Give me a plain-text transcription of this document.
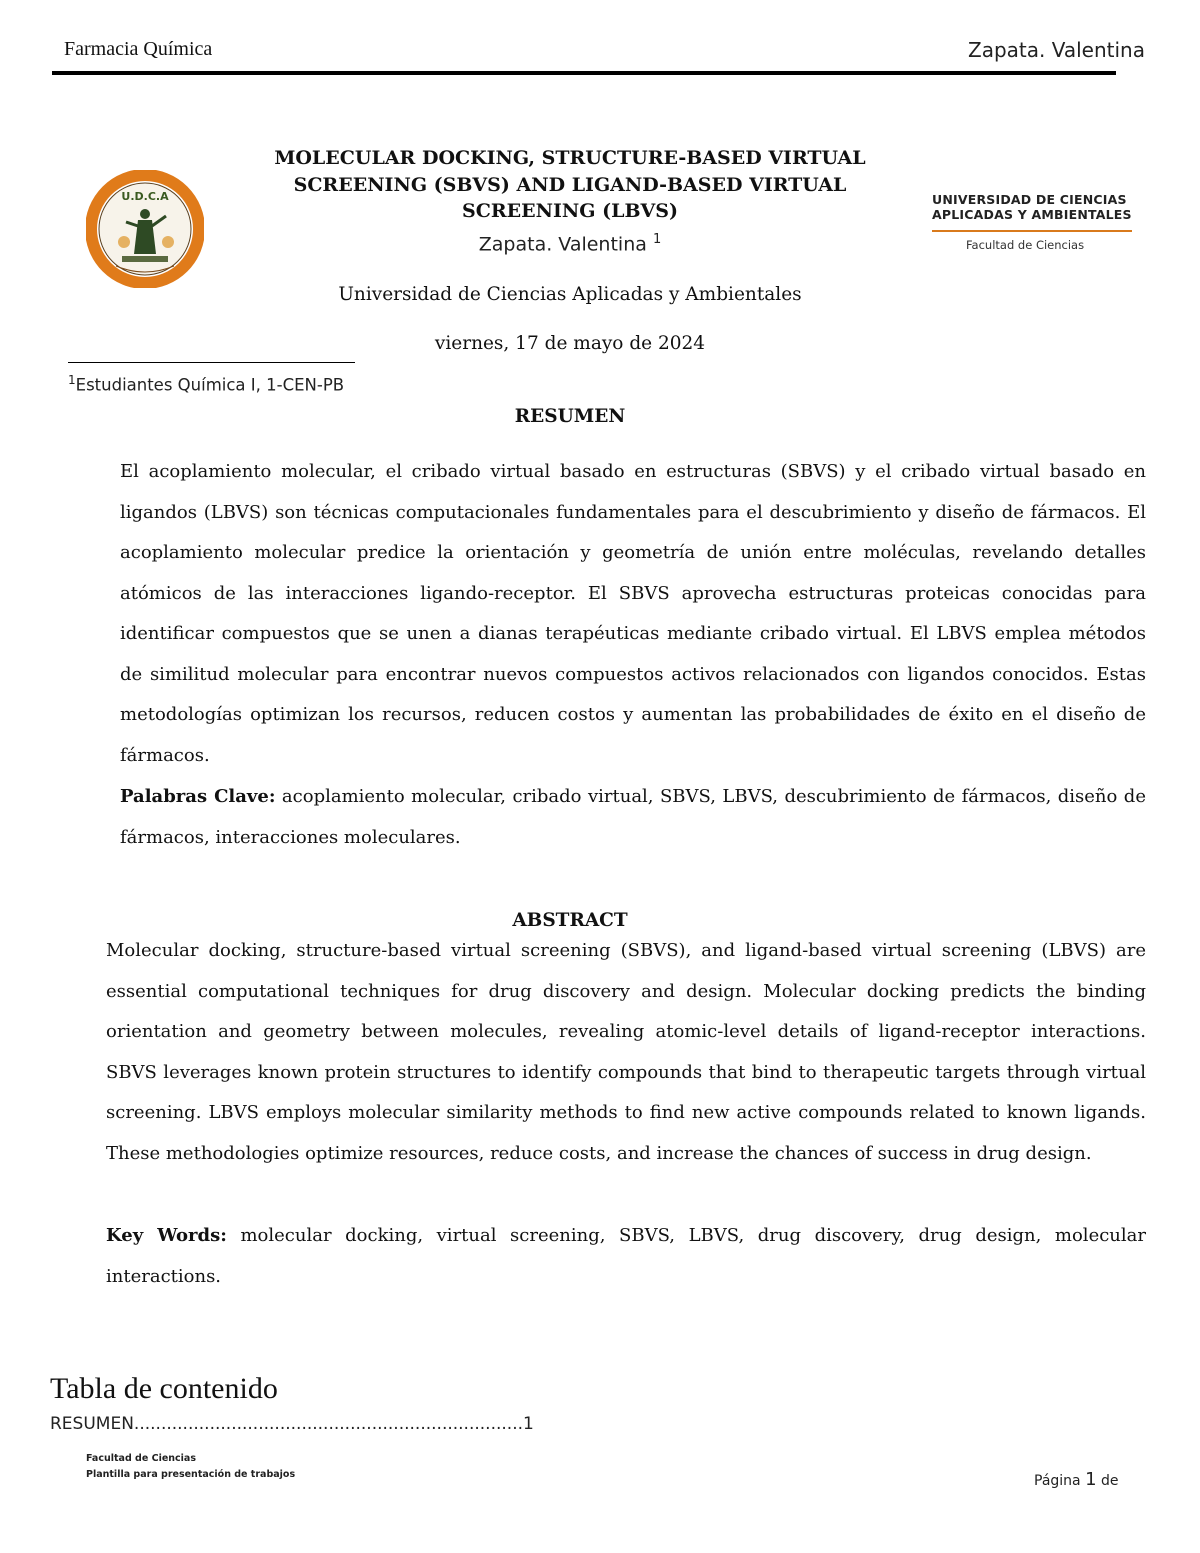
Farmacia Química	Zapata. Valentina
U.D.C.A	UNIVERSIDAD DE CIENCIAS
APLICADAS Y AMBIENTALES
Facultad de Ciencias
MOLECULAR DOCKING, STRUCTURE-BASED VIRTUAL SCREENING (SBVS) AND LIGAND-BASED VIRTUAL SCREENING (LBVS)
Zapata. Valentina $^1$
Universidad de Ciencias Aplicadas y Ambientales
viernes, 17 de mayo de 2024
$^1$Estudiantes Química I, 1-CEN-PB
RESUMEN
El acoplamiento molecular, el cribado virtual basado en estructuras (SBVS) y el cribado virtual basado en ligandos (LBVS) son técnicas computacionales fundamentales para el descubrimiento y diseño de fármacos. El acoplamiento molecular predice la orientación y geometría de unión entre moléculas, revelando detalles atómicos de las interacciones ligando-receptor. El SBVS aprovecha estructuras proteicas conocidas para identificar compuestos que se unen a dianas terapéuticas mediante cribado virtual. El LBVS emplea métodos de similitud molecular para encontrar nuevos compuestos activos relacionados con ligandos conocidos. Estas metodologías optimizan los recursos, reducen costos y aumentan las probabilidades de éxito en el diseño de fármacos.
Palabras Clave: acoplamiento molecular, cribado virtual, SBVS, LBVS, descubrimiento de fármacos, diseño de fármacos, interacciones moleculares.
ABSTRACT
Molecular docking, structure-based virtual screening (SBVS), and ligand-based virtual screening (LBVS) are essential computational techniques for drug discovery and design. Molecular docking predicts the binding orientation and geometry between molecules, revealing atomic-level details of ligand-receptor interactions. SBVS leverages known protein structures to identify compounds that bind to therapeutic targets through virtual screening. LBVS employs molecular similarity methods to find new active compounds related to known ligands. These methodologies optimize resources, reduce costs, and increase the chances of success in drug design.
Key Words: molecular docking, virtual screening, SBVS, LBVS, drug discovery, drug design, molecular interactions.
Tabla de contenido
RESUMEN........................................................................1
Facultad de Ciencias
Plantilla para presentación de trabajos	Página 1 de
